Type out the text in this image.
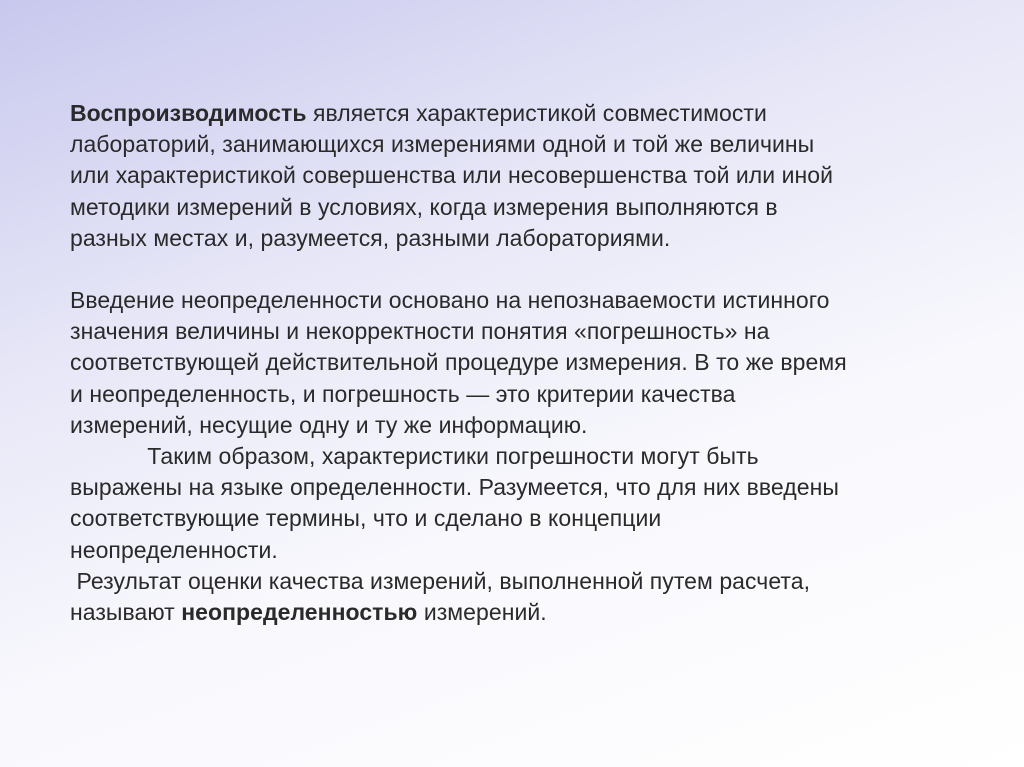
Воспроизводимость является характеристикой совместимости
лабораторий, занимающихся измерениями одной и той же величины
или характеристикой совершенства или несовершенства той или иной
методики измерений в условиях, когда измерения выполняются в
разных местах и, разумеется, разными лабораториями.

Введение неопределенности основано на непознаваемости истинного
значения величины и некорректности понятия «погрешность» на
соответствующей действительной процедуре измерения. В то же время
и неопределенность, и погрешность — это критерии качества
измерений, несущие одну и ту же информацию.

Таким образом, характеристики погрешности могут быть
выражены на языке определенности. Разумеется, что для них введены
соответствующие термины, что и сделано в концепции
неопределенности.

Результат оценки качества измерений, выполненной путем расчета,
называют неопределенностью измерений.
